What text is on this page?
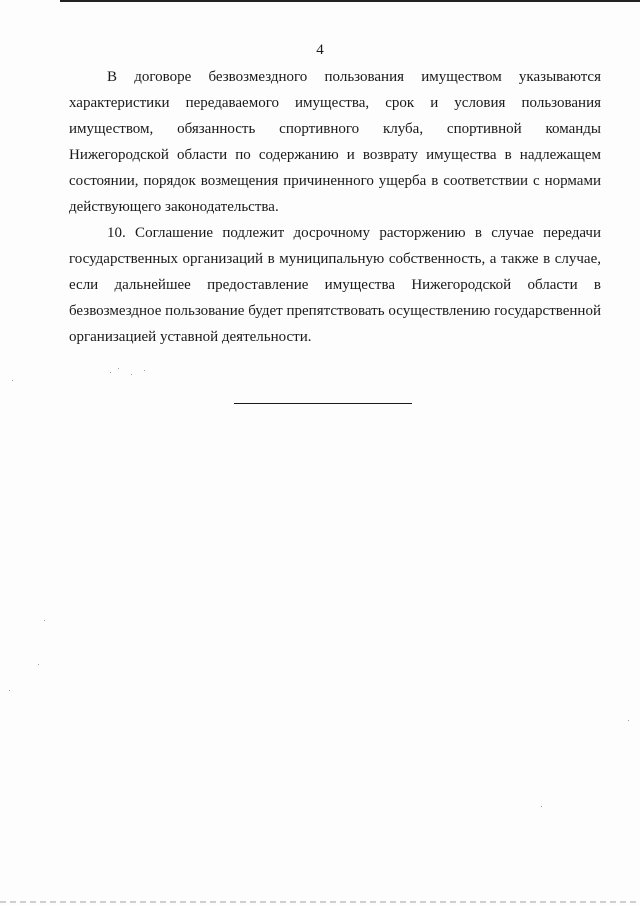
4

В договоре безвозмездного пользования имуществом указываются характеристики передаваемого имущества, срок и условия пользования имуществом, обязанность спортивного клуба, спортивной команды Нижегородской области по содержанию и возврату имущества в надлежащем состоянии, порядок возмещения причиненного ущерба в соответствии с нормами действующего законодательства.

10. Соглашение подлежит досрочному расторжению в случае передачи государственных организаций в муниципальную собственность, а также в случае, если дальнейшее предоставление имущества Нижегородской области в безвозмездное пользование будет препятствовать осуществлению государственной организацией уставной деятельности.
